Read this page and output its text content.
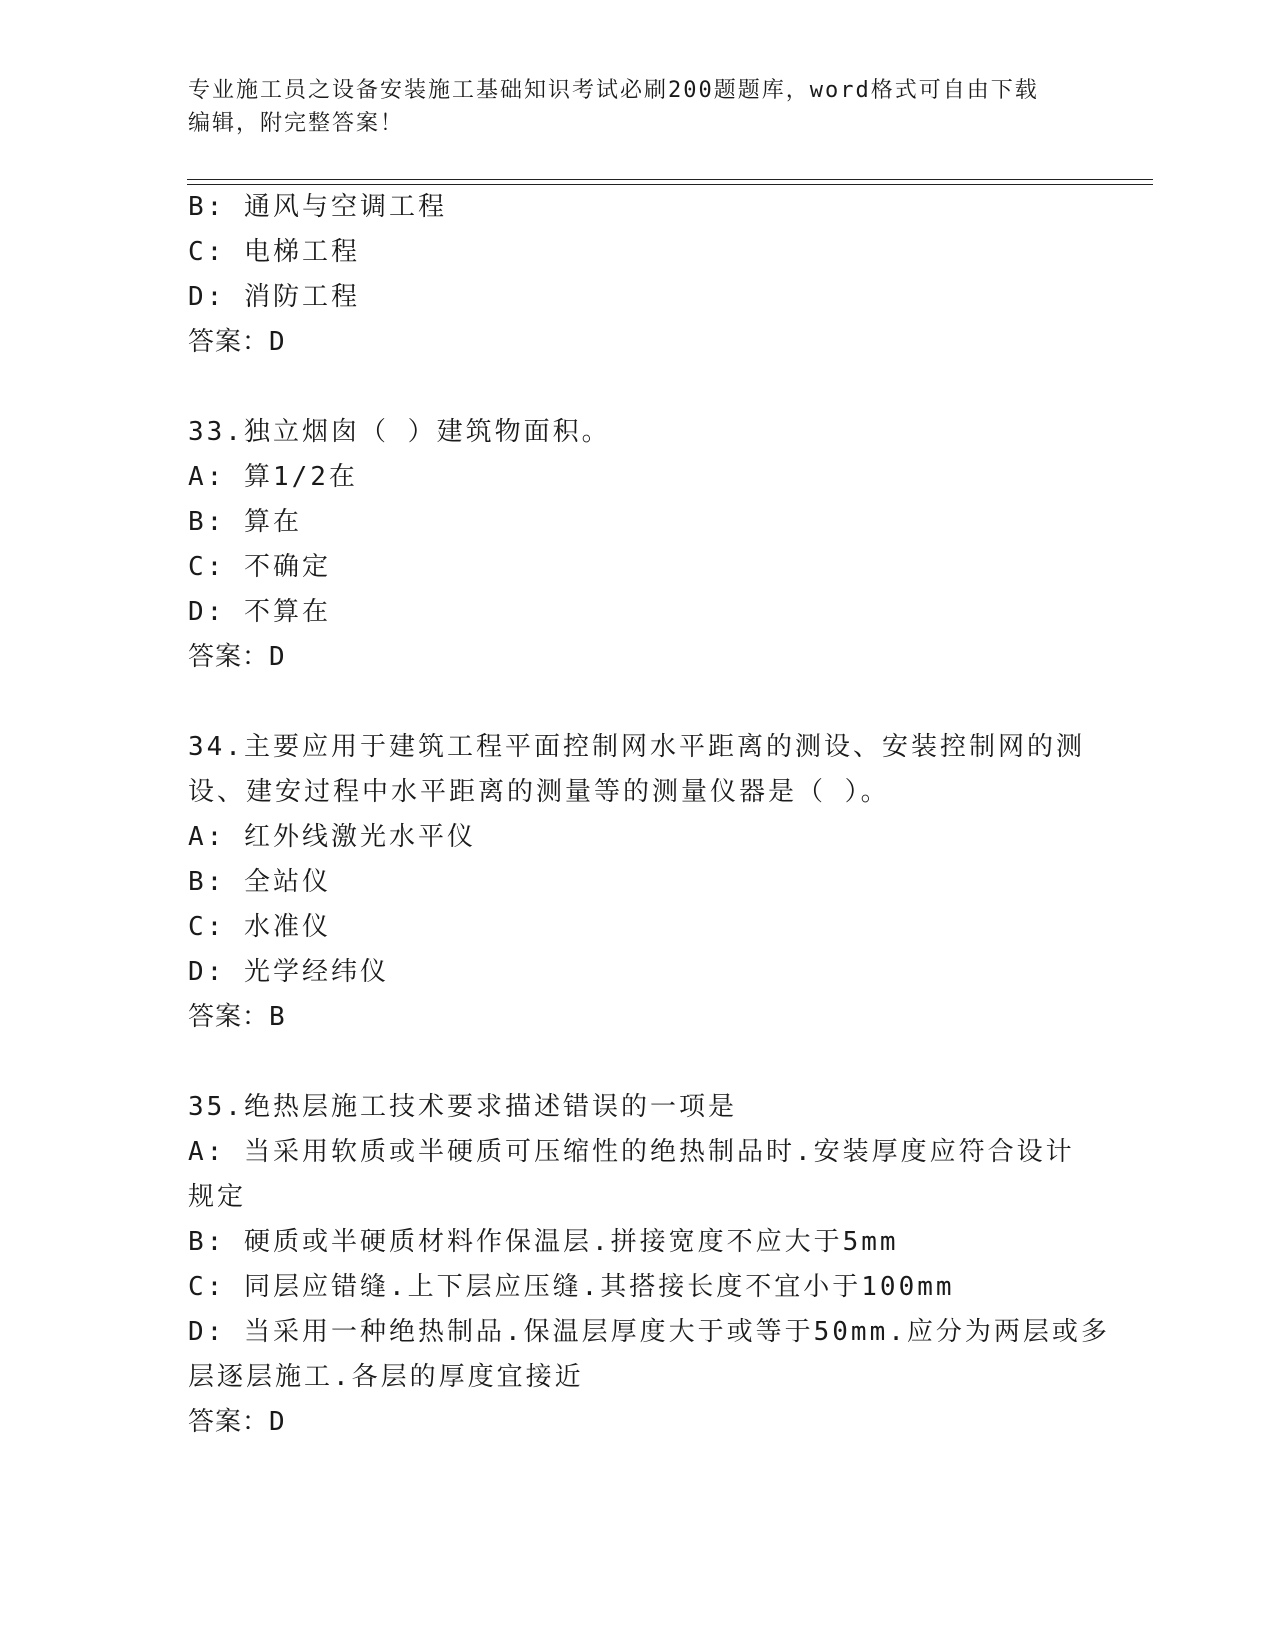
专业施工员之设备安装施工基础知识考试必刷200题题库，word格式可自由下载
编辑，附完整答案！
B: 通风与空调工程
C: 电梯工程
D: 消防工程
答案：D
33.独立烟囱（ ）建筑物面积。
A: 算1/2在
B: 算在
C: 不确定
D: 不算在
答案：D
34.主要应用于建筑工程平面控制网水平距离的测设、安装控制网的测
设、建安过程中水平距离的测量等的测量仪器是（ ）。
A: 红外线激光水平仪
B: 全站仪
C: 水准仪
D: 光学经纬仪
答案：B
35.绝热层施工技术要求描述错误的一项是
A: 当采用软质或半硬质可压缩性的绝热制品时.安装厚度应符合设计
规定
B: 硬质或半硬质材料作保温层.拼接宽度不应大于5mm
C: 同层应错缝.上下层应压缝.其搭接长度不宜小于100mm
D: 当采用一种绝热制品.保温层厚度大于或等于50mm.应分为两层或多
层逐层施工.各层的厚度宜接近
答案：D
